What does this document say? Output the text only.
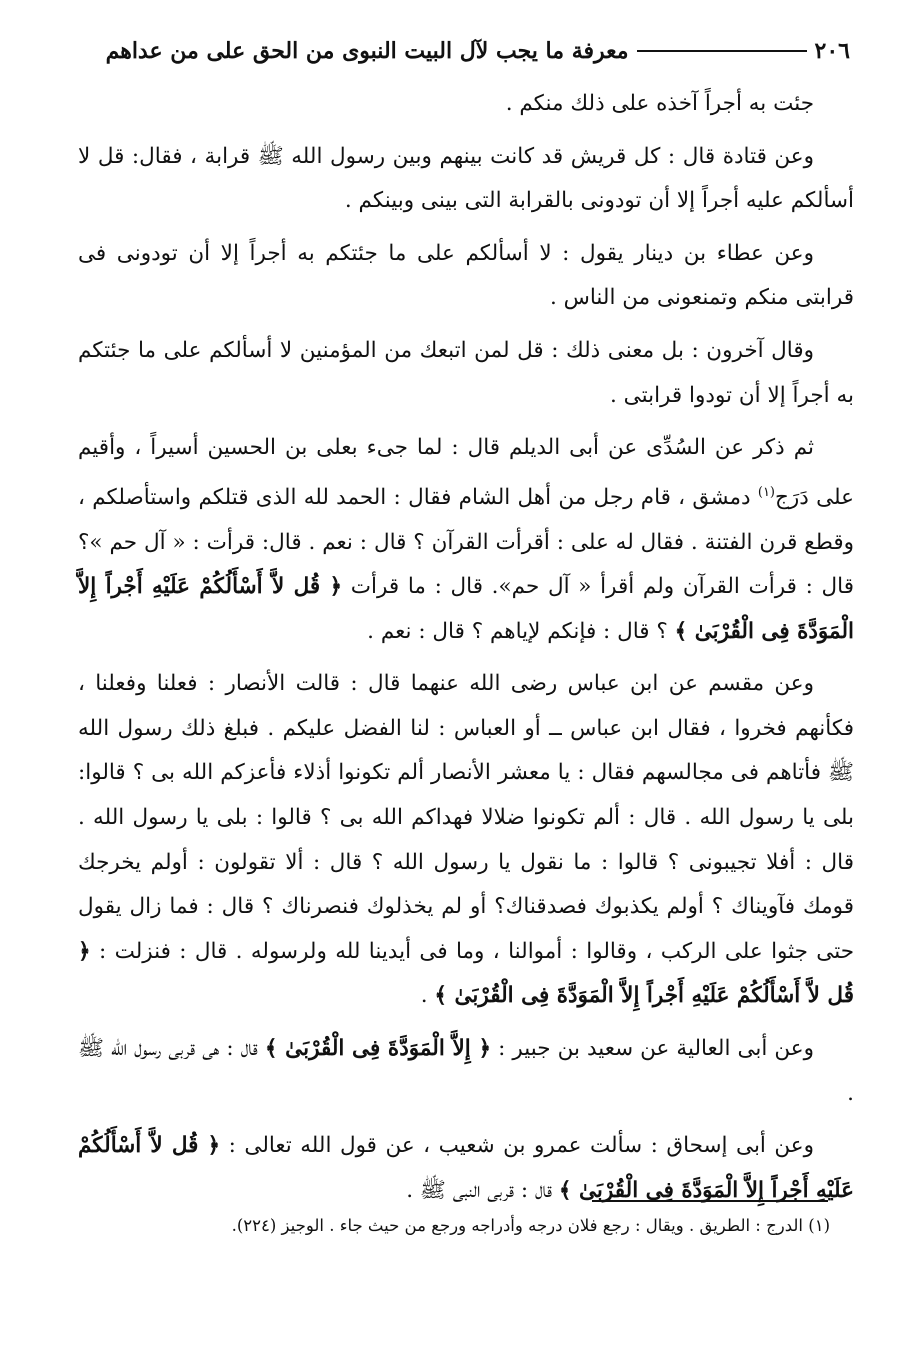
٢٠٦
معرفة ما يجب لآل البيت النبوى من الحق على من عداهم

جئت به أجراً آخذه على ذلك منكم .

وعن قتادة قال : كل قريش قد كانت بينهم وبين رسول الله ﷺ قرابة ، فقال: قل لا أسألكم عليه أجراً إلا أن تودونى بالقرابة التى بينى وبينكم .

وعن عطاء بن دينار يقول : لا أسألكم على ما جئتكم به أجراً إلا أن تودونى فى قرابتى منكم وتمنعونى من الناس .

وقال آخرون : بل معنى ذلك : قل لمن اتبعك من المؤمنين لا أسألكم على ما جئتكم به أجراً إلا أن تودوا قرابتى .

ثم ذكر عن السُدِّى عن أبى الديلم قال : لما جىء بعلى بن الحسين أسيراً ، وأقيم على دَرَج$^{(١)}$ دمشق ، قام رجل من أهل الشام فقال : الحمد لله الذى قتلكم واستأصلكم ، وقطع قرن الفتنة . فقال له على : أقرأت القرآن ؟ قال : نعم . قال: قرأت : « آل حم »؟ قال : قرأت القرآن ولم أقرأ « آل حم». قال : ما قرأت ﴿ قُل لاَّ أَسْأَلُكُمْ عَلَيْهِ أَجْراً إِلاَّ الْمَوَدَّةَ فِى الْقُرْبَىٰ ﴾ ؟ قال : فإنكم لإياهم ؟ قال : نعم .

وعن مقسم عن ابن عباس رضى الله عنهما قال : قالت الأنصار : فعلنا وفعلنا ، فكأنهم فخروا ، فقال ابن عباس ــ أو العباس : لنا الفضل عليكم . فبلغ ذلك رسول الله ﷺ فأتاهم فى مجالسهم فقال : يا معشر الأنصار ألم تكونوا أذلاء فأعزكم الله بى ؟ قالوا: بلى يا رسول الله . قال : ألم تكونوا ضلالا فهداكم الله بى ؟ قالوا : بلى يا رسول الله . قال : أفلا تجيبونى ؟ قالوا : ما نقول يا رسول الله ؟ قال : ألا تقولون : أولم يخرجك قومك فآويناك ؟ أولم يكذبوك فصدقناك؟ أو لم يخذلوك فنصرناك ؟ قال : فما زال يقول حتى جثوا على الركب ، وقالوا : أموالنا ، وما فى أيدينا لله ولرسوله . قال : فنزلت : ﴿ قُل لاَّ أَسْأَلُكُمْ عَلَيْهِ أَجْراً إِلاَّ الْمَوَدَّةَ فِى الْقُرْبَىٰ ﴾ .

وعن أبى العالية عن سعيد بن جبير : ﴿ إِلاَّ الْمَوَدَّةَ فِى الْقُرْبَىٰ ﴾ قال : هى قربى رسول الله ﷺ .

وعن أبى إسحاق : سألت عمرو بن شعيب ، عن قول الله تعالى : ﴿ قُل لاَّ أَسْأَلُكُمْ عَلَيْهِ أَجْراً إِلاَّ الْمَوَدَّةَ فِى الْقُرْبَىٰ ﴾ قال : قربى النبى ﷺ .

(١) الدرج : الطريق . ويقال : رجع فلان درجه وأدراجه ورجع من حيث جاء . الوجيز (٢٢٤).
